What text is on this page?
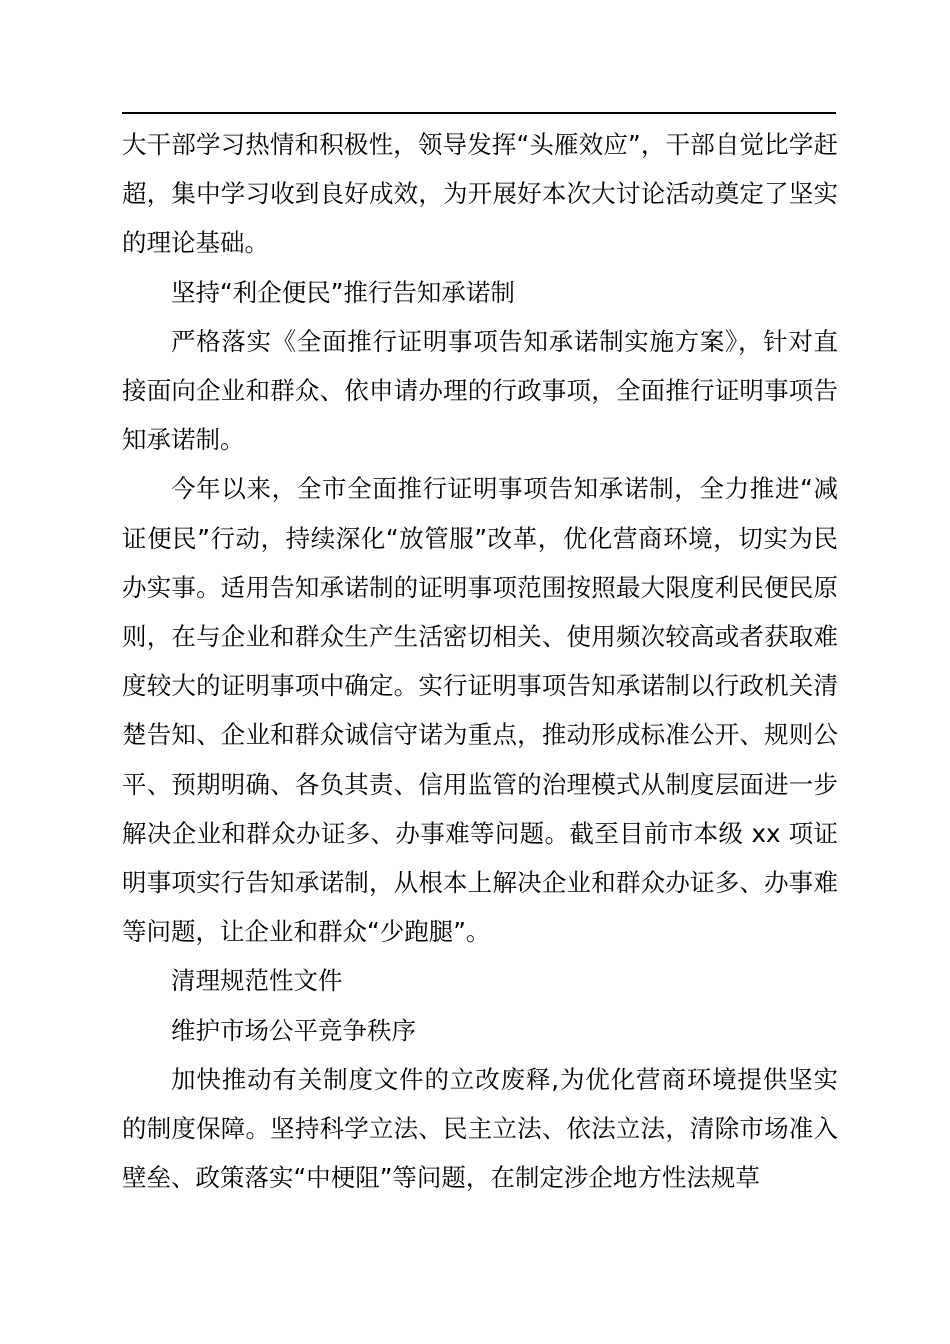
大干部学习热情和积极性，领导发挥“头雁效应”，干部自觉比学赶超，集中学习收到良好成效，为开展好本次大讨论活动奠定了坚实的理论基础。

坚持“利企便民”推行告知承诺制

严格落实《全面推行证明事项告知承诺制实施方案》，针对直接面向企业和群众、依申请办理的行政事项，全面推行证明事项告知承诺制。

今年以来，全市全面推行证明事项告知承诺制，全力推进“减证便民”行动，持续深化“放管服”改革，优化营商环境，切实为民办实事。适用告知承诺制的证明事项范围按照最大限度利民便民原则，在与企业和群众生产生活密切相关、使用频次较高或者获取难度较大的证明事项中确定。实行证明事项告知承诺制以行政机关清楚告知、企业和群众诚信守诺为重点，推动形成标准公开、规则公平、预期明确、各负其责、信用监管的治理模式从制度层面进一步解决企业和群众办证多、办事难等问题。截至目前市本级 xx 项证明事项实行告知承诺制，从根本上解决企业和群众办证多、办事难等问题，让企业和群众“少跑腿”。

清理规范性文件

维护市场公平竞争秩序

加快推动有关制度文件的立改废释,为优化营商环境提供坚实的制度保障。坚持科学立法、民主立法、依法立法，清除市场准入壁垒、政策落实“中梗阻”等问题，在制定涉企地方性法规草
